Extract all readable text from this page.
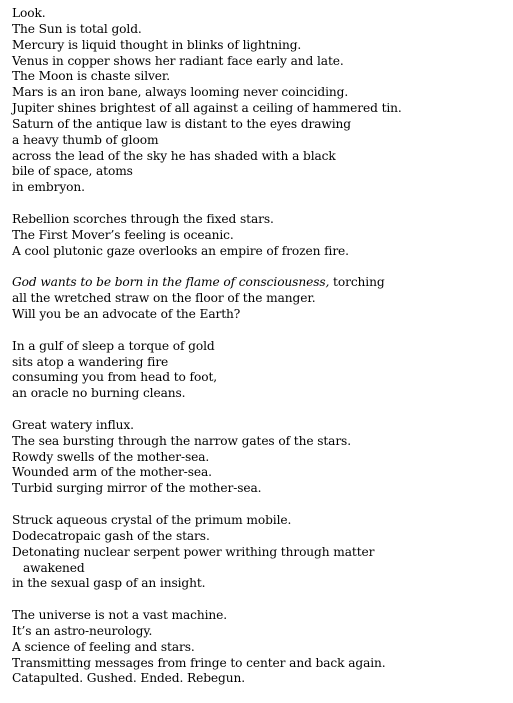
Look.
The Sun is total gold.
Mercury is liquid thought in blinks of lightning.
Venus in copper shows her radiant face early and late.
The Moon is chaste silver.
Mars is an iron bane, always looming never coinciding.
Jupiter shines brightest of all against a ceiling of hammered tin.
Saturn of the antique law is distant to the eyes drawing
a heavy thumb of gloom
across the lead of the sky he has shaded with a black
bile of space, atoms
in embryon.
Rebellion scorches through the fixed stars.
The First Mover’s feeling is oceanic.
A cool plutonic gaze overlooks an empire of frozen fire.
God wants to be born in the flame of consciousness, torching
all the wretched straw on the floor of the manger.
Will you be an advocate of the Earth?
In a gulf of sleep a torque of gold
sits atop a wandering fire
consuming you from head to foot,
an oracle no burning cleans.
Great watery influx.
The sea bursting through the narrow gates of the stars.
Rowdy swells of the mother-sea.
Wounded arm of the mother-sea.
Turbid surging mirror of the mother-sea.
Struck aqueous crystal of the primum mobile.
Dodecatropaic gash of the stars.
Detonating nuclear serpent power writhing through matter
awakened
in the sexual gasp of an insight.
The universe is not a vast machine.
It’s an astro-neurology.
A science of feeling and stars.
Transmitting messages from fringe to center and back again.
Catapulted. Gushed. Ended. Rebegun.
